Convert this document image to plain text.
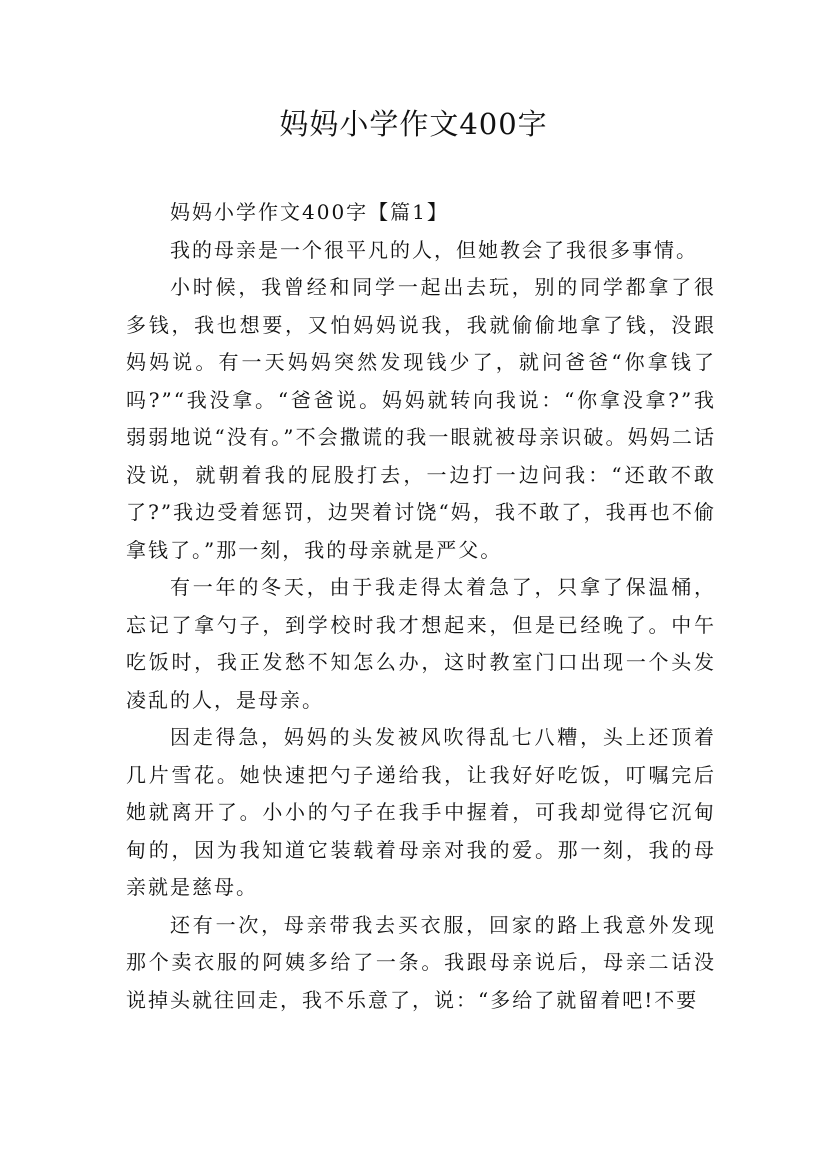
妈妈小学作文400字

妈妈小学作文400字【篇1】

我的母亲是一个很平凡的人，但她教会了我很多事情。

小时候，我曾经和同学一起出去玩，别的同学都拿了很多钱，我也想要，又怕妈妈说我，我就偷偷地拿了钱，没跟妈妈说。有一天妈妈突然发现钱少了，就问爸爸“你拿钱了吗?”“我没拿。“爸爸说。妈妈就转向我说：“你拿没拿?”我弱弱地说“没有。”不会撒谎的我一眼就被母亲识破。妈妈二话没说，就朝着我的屁股打去，一边打一边问我：“还敢不敢了?”我边受着惩罚，边哭着讨饶“妈，我不敢了，我再也不偷拿钱了。”那一刻，我的母亲就是严父。

有一年的冬天，由于我走得太着急了，只拿了保温桶，忘记了拿勺子，到学校时我才想起来，但是已经晚了。中午吃饭时，我正发愁不知怎么办，这时教室门口出现一个头发凌乱的人，是母亲。

因走得急，妈妈的头发被风吹得乱七八糟，头上还顶着几片雪花。她快速把勺子递给我，让我好好吃饭，叮嘱完后她就离开了。小小的勺子在我手中握着，可我却觉得它沉甸甸的，因为我知道它装载着母亲对我的爱。那一刻，我的母亲就是慈母。

还有一次，母亲带我去买衣服，回家的路上我意外发现那个卖衣服的阿姨多给了一条。我跟母亲说后，母亲二话没说掉头就往回走，我不乐意了，说：“多给了就留着吧!不要
